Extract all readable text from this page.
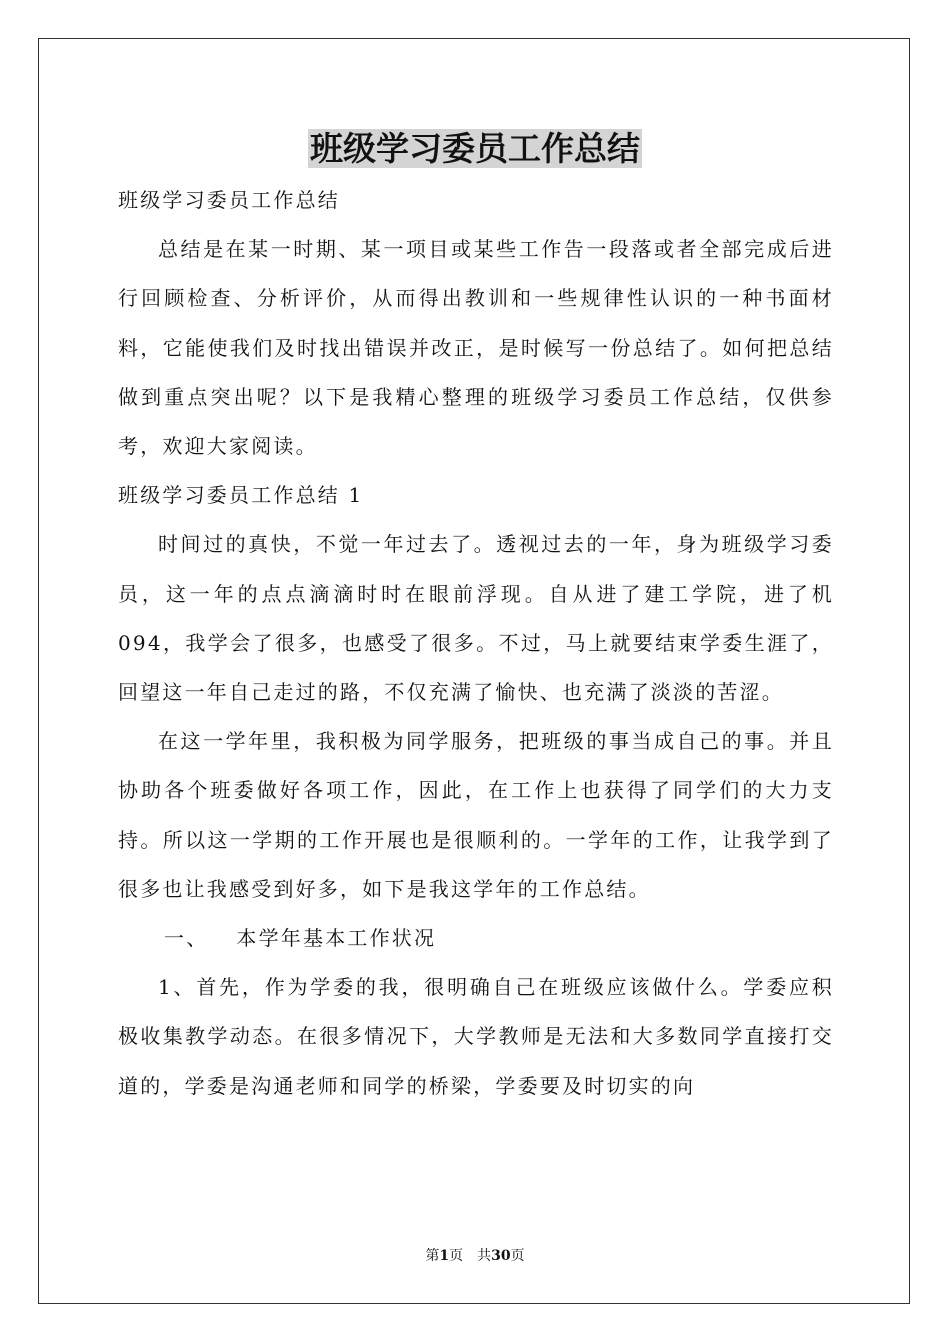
班级学习委员工作总结

班级学习委员工作总结

总结是在某一时期、某一项目或某些工作告一段落或者全部完成后进行回顾检查、分析评价，从而得出教训和一些规律性认识的一种书面材料，它能使我们及时找出错误并改正，是时候写一份总结了。如何把总结做到重点突出呢？以下是我精心整理的班级学习委员工作总结，仅供参考，欢迎大家阅读。

班级学习委员工作总结 1

时间过的真快，不觉一年过去了。透视过去的一年，身为班级学习委员，这一年的点点滴滴时时在眼前浮现。自从进了建工学院，进了机 094，我学会了很多，也感受了很多。不过，马上就要结束学委生涯了，回望这一年自己走过的路，不仅充满了愉快、也充满了淡淡的苦涩。

在这一学年里，我积极为同学服务，把班级的事当成自己的事。并且协助各个班委做好各项工作，因此，在工作上也获得了同学们的大力支持。所以这一学期的工作开展也是很顺利的。一学年的工作，让我学到了很多也让我感受到好多，如下是我这学年的工作总结。

一、 本学年基本工作状况

1、首先，作为学委的我，很明确自己在班级应该做什么。学委应积极收集教学动态。在很多情况下，大学教师是无法和大多数同学直接打交道的，学委是沟通老师和同学的桥梁，学委要及时切实的向

第1页　共30页
